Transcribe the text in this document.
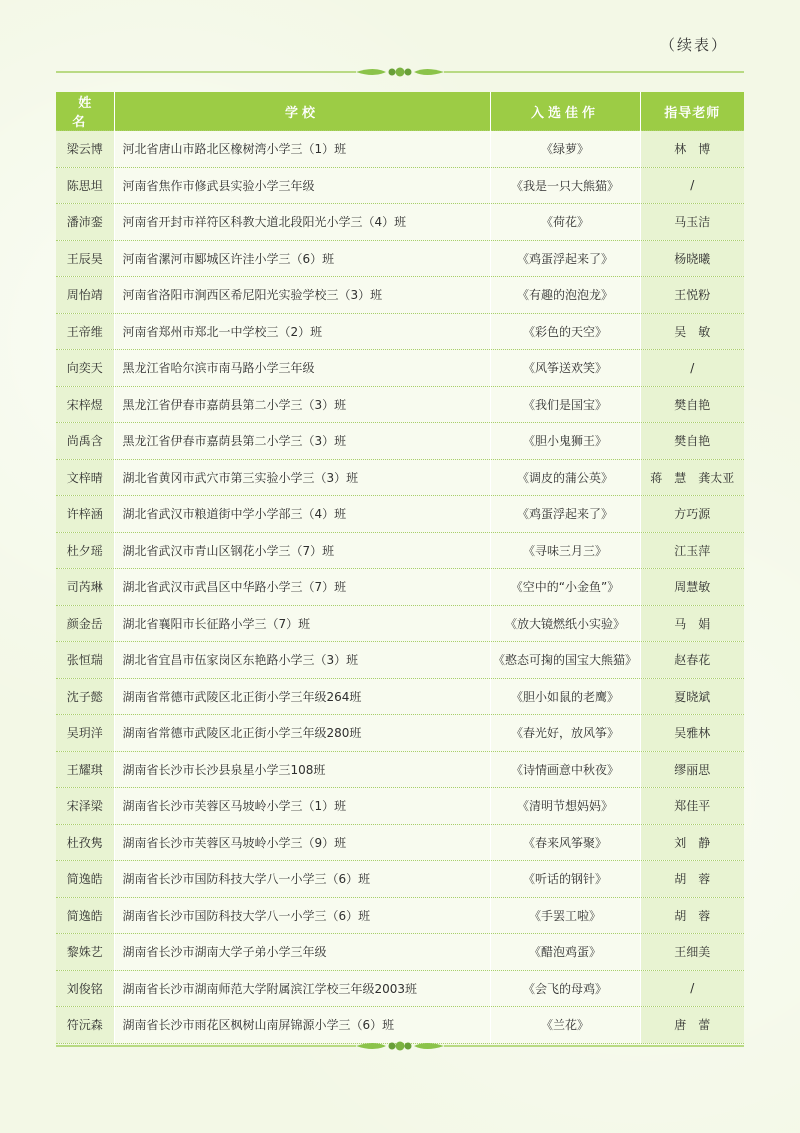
（续表）
姓名	学校	入选佳作	指导老师
梁云博	河北省唐山市路北区橡树湾小学三（1）班	《绿萝》	林　博
陈思坦	河南省焦作市修武县实验小学三年级	《我是一只大熊猫》	/
潘沛銮	河南省开封市祥符区科教大道北段阳光小学三（4）班	《荷花》	马玉洁
王辰昊	河南省漯河市郾城区许洼小学三（6）班	《鸡蛋浮起来了》	杨晓曦
周怡靖	河南省洛阳市涧西区希尼阳光实验学校三（3）班	《有趣的泡泡龙》	王悦粉
王帝维	河南省郑州市郑北一中学校三（2）班	《彩色的天空》	吴　敏
向奕天	黑龙江省哈尔滨市南马路小学三年级	《风筝送欢笑》	/
宋梓煜	黑龙江省伊春市嘉荫县第二小学三（3）班	《我们是国宝》	樊自艳
尚禹含	黑龙江省伊春市嘉荫县第二小学三（3）班	《胆小鬼狮王》	樊自艳
文梓晴	湖北省黄冈市武穴市第三实验小学三（3）班	《调皮的蒲公英》	蒋　慧　龚太亚
许梓涵	湖北省武汉市粮道街中学小学部三（4）班	《鸡蛋浮起来了》	方巧源
杜夕瑶	湖北省武汉市青山区钢花小学三（7）班	《寻味三月三》	江玉萍
司芮琳	湖北省武汉市武昌区中华路小学三（7）班	《空中的“小金鱼”》	周慧敏
颜金岳	湖北省襄阳市长征路小学三（7）班	《放大镜燃纸小实验》	马　娟
张恒瑞	湖北省宜昌市伍家岗区东艳路小学三（3）班	《憨态可掬的国宝大熊猫》	赵春花
沈子懿	湖南省常德市武陵区北正街小学三年级264班	《胆小如鼠的老鹰》	夏晓斌
吴玥洋	湖南省常德市武陵区北正街小学三年级280班	《春光好，放风筝》	吴雅林
王耀琪	湖南省长沙市长沙县泉星小学三108班	《诗情画意中秋夜》	缪丽思
宋泽梁	湖南省长沙市芙蓉区马坡岭小学三（1）班	《清明节想妈妈》	郑佳平
杜孜隽	湖南省长沙市芙蓉区马坡岭小学三（9）班	《春来风筝聚》	刘　静
简逸皓	湖南省长沙市国防科技大学八一小学三（6）班	《听话的钢针》	胡　蓉
简逸皓	湖南省长沙市国防科技大学八一小学三（6）班	《手罢工啦》	胡　蓉
黎姝艺	湖南省长沙市湖南大学子弟小学三年级	《醋泡鸡蛋》	王细美
刘俊铭	湖南省长沙市湖南师范大学附属滨江学校三年级2003班	《会飞的母鸡》	/
符沅森	湖南省长沙市雨花区枫树山南屏锦源小学三（6）班	《兰花》	唐　蕾
